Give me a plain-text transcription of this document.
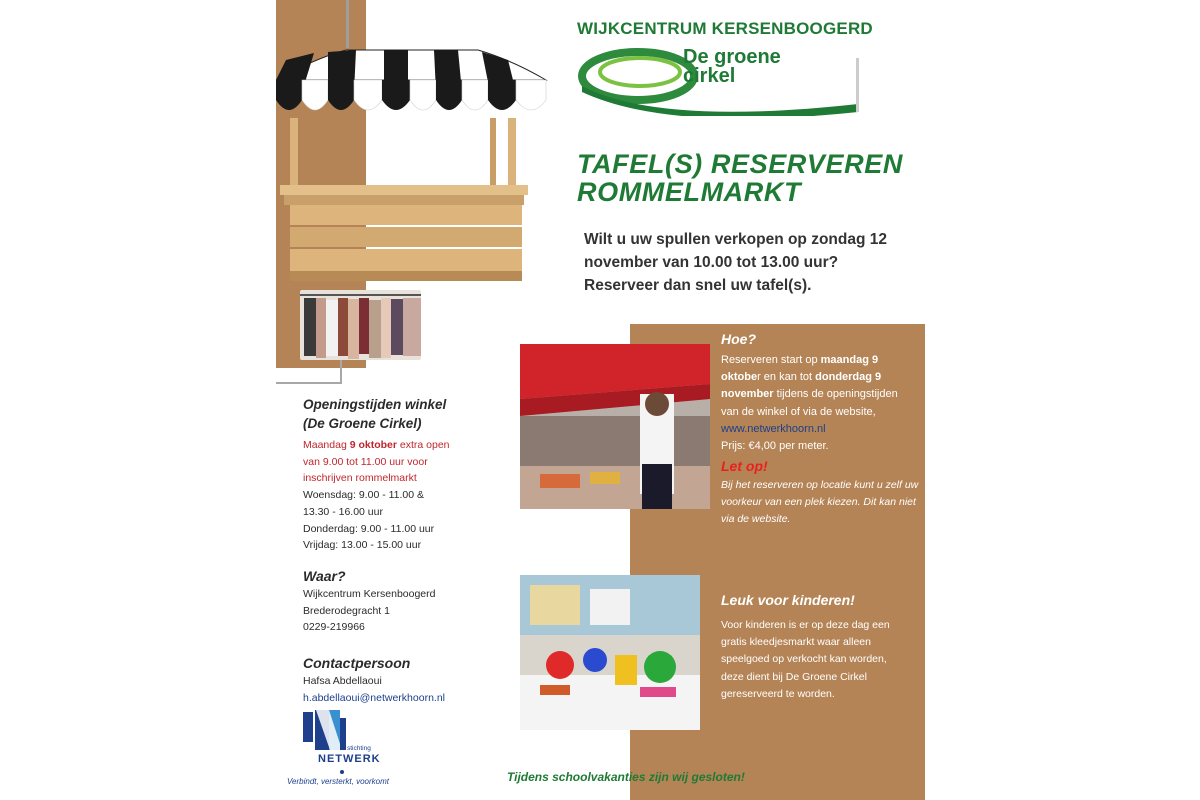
WIJKCENTRUM KERSENBOOGERD
De groene
cirkel
TAFEL(S) RESERVEREN
ROMMELMARKT
Wilt u uw spullen verkopen op zondag 12 november van 10.00 tot 13.00 uur? Reserveer dan snel uw tafel(s).
Hoe?
Reserveren start op maandag 9 oktober en kan tot donderdag 9 november tijdens de openingstijden van de winkel of via de website,
www.netwerkhoorn.nl
Prijs: €4,00 per meter.
Let op!
Bij het reserveren op locatie kunt u zelf uw voorkeur van een plek kiezen. Dit kan niet via de website.
Leuk voor kinderen!
Voor kinderen is er op deze dag een gratis kleedjesmarkt waar alleen speelgoed op verkocht kan worden, deze dient bij De Groene Cirkel gereserveerd te worden.
Openingstijden winkel
(De Groene Cirkel)
Maandag 9 oktober extra open van 9.00 tot 11.00 uur voor inschrijven rommelmarkt
Woensdag: 9.00 - 11.00 &
13.30 - 16.00 uur
Donderdag: 9.00 - 11.00 uur
Vrijdag: 13.00 - 15.00 uur
Waar?
Wijkcentrum Kersenboogerd
Brederodegracht 1
0229-219966
Contactpersoon
Hafsa Abdellaoui
h.abdellaoui@netwerkhoorn.nl
stichting
NETWERK
Verbindt, versterkt, voorkomt	Tijdens schoolvakanties zijn wij gesloten!
